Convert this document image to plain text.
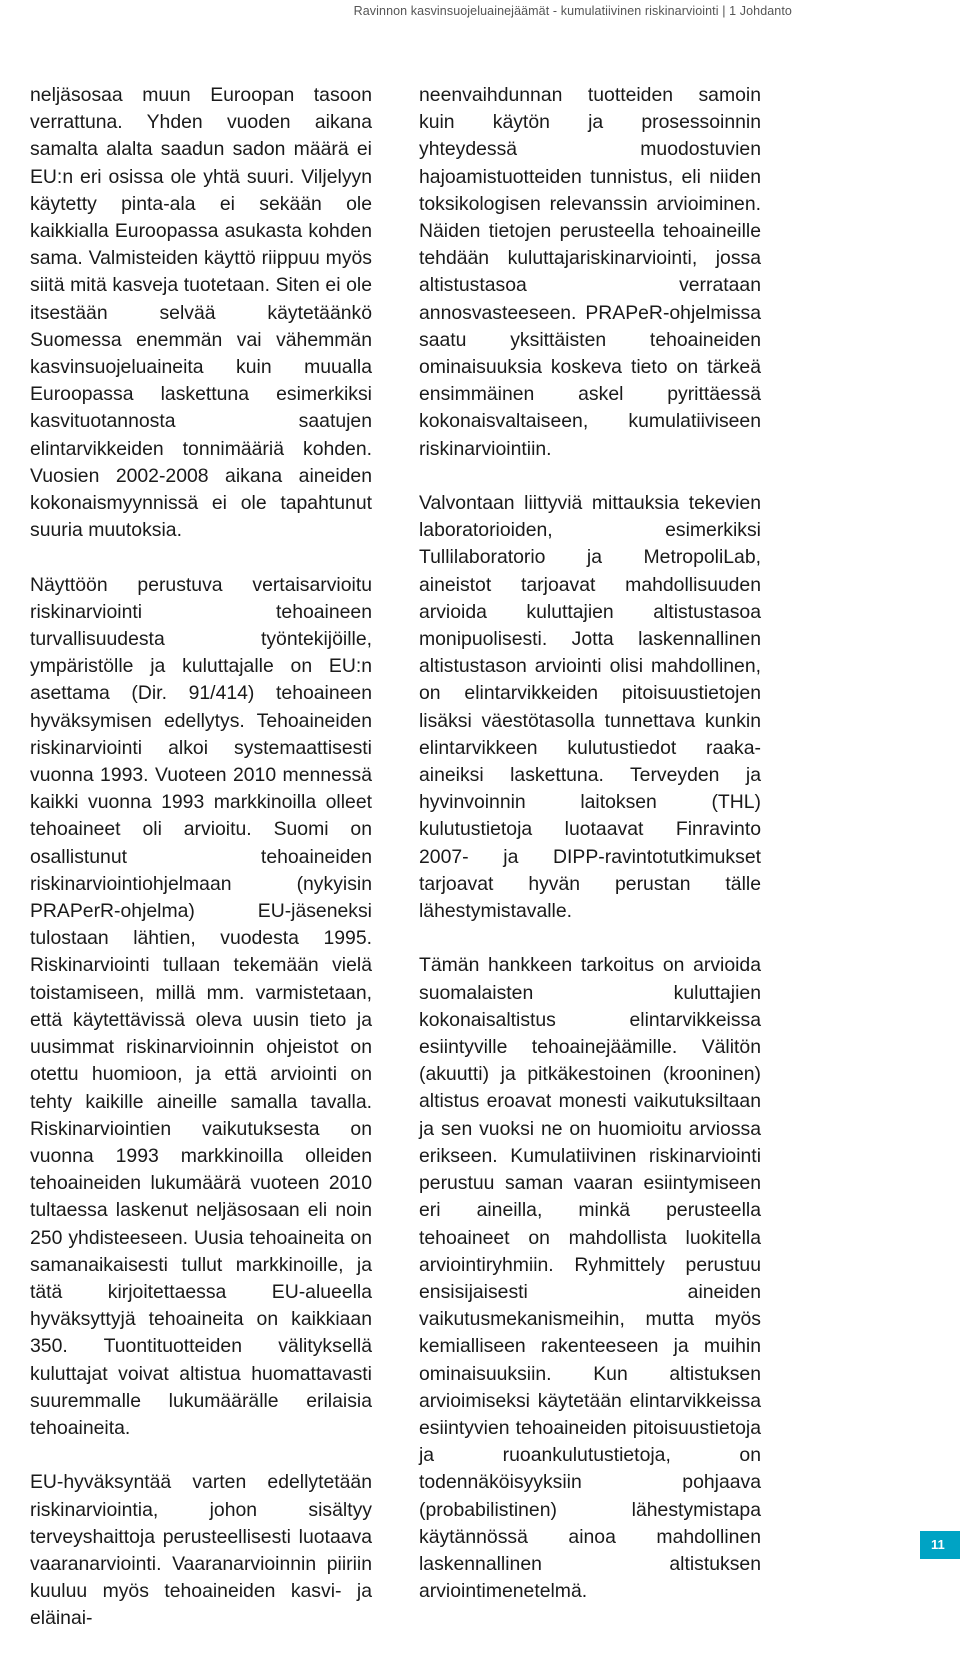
Ravinnon kasvinsuojeluainejäämät - kumulatiivinen riskinarviointi | 1 Johdanto

neljäsosaa muun Euroopan tasoon verrattuna. Yhden vuoden aikana samalta alalta saadun sadon määrä ei EU:n eri osissa ole yhtä suuri. Viljelyyn käytetty pinta-ala ei sekään ole kaikkialla Euroopassa asukasta kohden sama. Valmisteiden käyttö riippuu myös siitä mitä kasveja tuotetaan. Siten ei ole itsestään selvää käytetäänkö Suomessa enemmän vai vähemmän kasvinsuojeluaineita kuin muualla Euroopassa laskettuna esimerkiksi kasvituotannosta saatujen elintarvikkeiden tonnimääriä kohden. Vuosien 2002-2008 aikana aineiden kokonaismyynnissä ei ole tapahtunut suuria muutoksia.

Näyttöön perustuva vertaisarvioitu riskinarviointi tehoaineen turvallisuudesta työntekijöille, ympäristölle ja kuluttajalle on EU:n asettama (Dir. 91/414) tehoaineen hyväksymisen edellytys. Tehoaineiden riskinarviointi alkoi systemaattisesti vuonna 1993. Vuoteen 2010 mennessä kaikki vuonna 1993 markkinoilla olleet tehoaineet oli arvioitu. Suomi on osallistunut tehoaineiden riskinarviointiohjelmaan (nykyisin PRAPerR-ohjelma) EU-jäseneksi tulostaan lähtien, vuodesta 1995. Riskinarviointi tullaan tekemään vielä toistamiseen, millä mm. varmistetaan, että käytettävissä oleva uusin tieto ja uusimmat riskinarvioinnin ohjeistot on otettu huomioon, ja että arviointi on tehty kaikille aineille samalla tavalla. Riskinarviointien vaikutuksesta on vuonna 1993 markkinoilla olleiden tehoaineiden lukumäärä vuoteen 2010 tultaessa laskenut neljäsosaan eli noin 250 yhdisteeseen. Uusia tehoaineita on samanaikaisesti tullut markkinoille, ja tätä kirjoitettaessa EU-alueella hyväksyttyjä tehoaineita on kaikkiaan 350. Tuontituotteiden välityksellä kuluttajat voivat altistua huomattavasti suuremmalle lukumäärälle erilaisia tehoaineita.

EU-hyväksyntää varten edellytetään riskinarviointia, johon sisältyy terveyshaittoja perusteellisesti luotaava vaaranarviointi. Vaaranarvioinnin piiriin kuuluu myös tehoaineiden kasvi- ja eläinai-

neenvaihdunnan tuotteiden samoin kuin käytön ja prosessoinnin yhteydessä muodostuvien hajoamistuotteiden tunnistus, eli niiden toksikologisen relevanssin arvioiminen. Näiden tietojen perusteella tehoaineille tehdään kuluttajariskinarviointi, jossa altistustasoa verrataan annosvasteeseen. PRAPeR-ohjelmissa saatu yksittäisten tehoaineiden ominaisuuksia koskeva tieto on tärkeä ensimmäinen askel pyrittäessä kokonaisvaltaiseen, kumulatiiviseen riskinarviointiin.

Valvontaan liittyviä mittauksia tekevien laboratorioiden, esimerkiksi Tullilaboratorio ja MetropoliLab, aineistot tarjoavat mahdollisuuden arvioida kuluttajien altistustasoa monipuolisesti. Jotta laskennallinen altistustason arviointi olisi mahdollinen, on elintarvikkeiden pitoisuustietojen lisäksi väestötasolla tunnettava kunkin elintarvikkeen kulutustiedot raaka-aineiksi laskettuna. Terveyden ja hyvinvoinnin laitoksen (THL) kulutustietoja luotaavat Finravinto 2007- ja DIPP-ravintotutkimukset tarjoavat hyvän perustan tälle lähestymistavalle.

Tämän hankkeen tarkoitus on arvioida suomalaisten kuluttajien kokonaisaltistus elintarvikkeissa esiintyville tehoainejäämille. Välitön (akuutti) ja pitkäkestoinen (krooninen) altistus eroavat monesti vaikutuksiltaan ja sen vuoksi ne on huomioitu arviossa erikseen. Kumulatiivinen riskinarviointi perustuu saman vaaran esiintymiseen eri aineilla, minkä perusteella tehoaineet on mahdollista luokitella arviointiryhmiin. Ryhmittely perustuu ensisijaisesti aineiden vaikutusmekanismeihin, mutta myös kemialliseen rakenteeseen ja muihin ominaisuuksiin. Kun altistuksen arvioimiseksi käytetään elintarvikkeissa esiintyvien tehoaineiden pitoisuustietoja ja ruoankulutustietoja, on todennäköisyyksiin pohjaava (probabilistinen) lähestymistapa käytännössä ainoa mahdollinen laskennallinen altistuksen arviointimenetelmä.

11
